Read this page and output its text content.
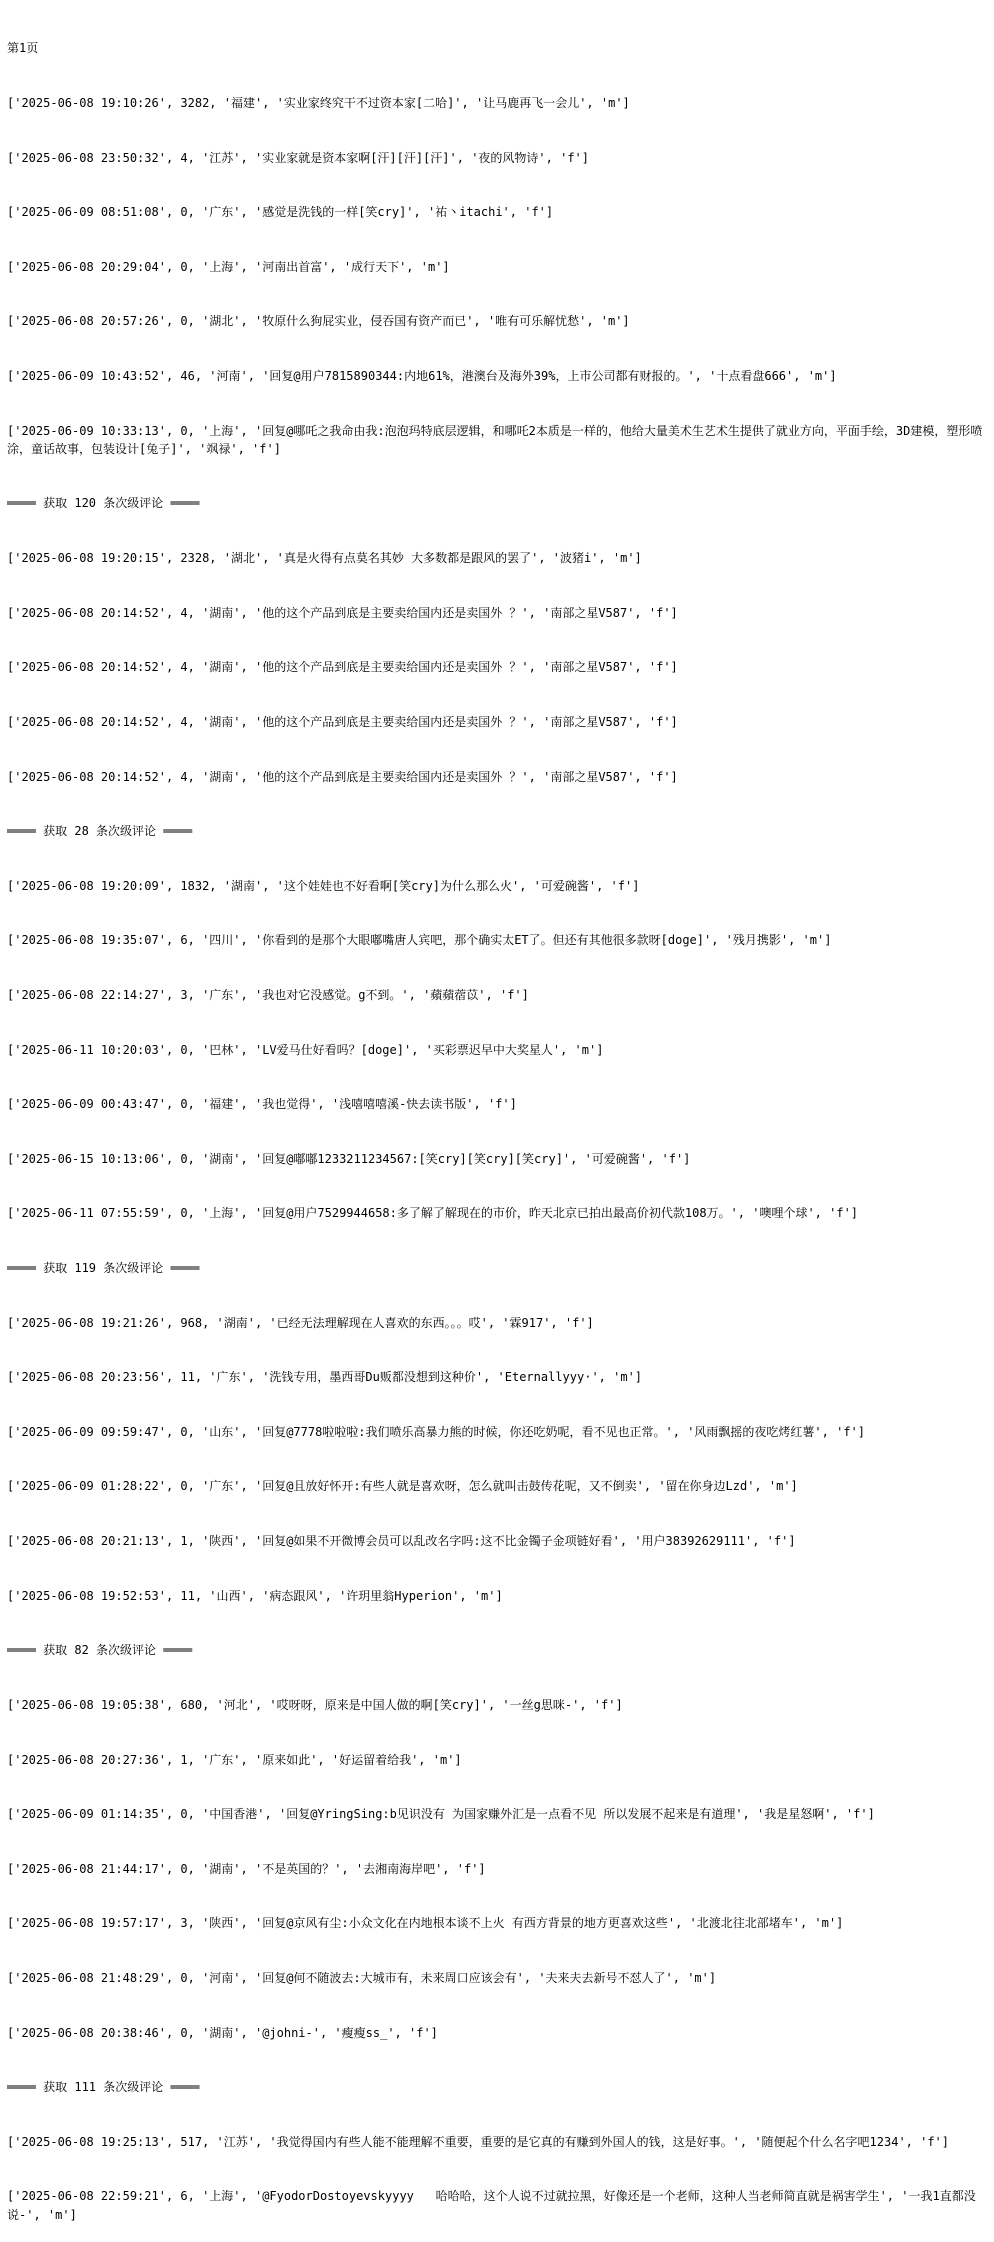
第1页

['2025-06-08 19:10:26', 3282, '福建', '实业家终究干不过资本家[二哈]', '让马鹿再飞一会儿', 'm']

['2025-06-08 23:50:32', 4, '江苏', '实业家就是资本家啊[汗][汗][汗]', '夜的风物诗', 'f']

['2025-06-09 08:51:08', 0, '广东', '感觉是洗钱的一样[笑cry]', '祐丶itachi', 'f']

['2025-06-08 20:29:04', 0, '上海', '河南出首富', '成行天下', 'm']

['2025-06-08 20:57:26', 0, '湖北', '牧原什么狗屁实业，侵吞国有资产而已', '唯有可乐解忧愁', 'm']

['2025-06-09 10:43:52', 46, '河南', '回复@用户7815890344:内地61%，港澳台及海外39%，上市公司都有财报的。', '十点看盘666', 'm']

['2025-06-09 10:33:13', 0, '上海', '回复@哪吒之我命由我:泡泡玛特底层逻辑，和哪吒2本质是一样的，他给大量美术生艺术生提供了就业方向，平面手绘，3D建模，塑形喷涂，童话故事，包装设计[兔子]', '飒禄', 'f']

════ 获取 120 条次级评论 ════

['2025-06-08 19:20:15', 2328, '湖北', '真是火得有点莫名其妙 大多数都是跟风的罢了', '波猪i', 'm']

['2025-06-08 20:14:52', 4, '湖南', '他的这个产品到底是主要卖给国内还是卖国外 ？', '南部之星V587', 'f']

['2025-06-08 20:14:52', 4, '湖南', '他的这个产品到底是主要卖给国内还是卖国外 ？', '南部之星V587', 'f']

['2025-06-08 20:14:52', 4, '湖南', '他的这个产品到底是主要卖给国内还是卖国外 ？', '南部之星V587', 'f']

['2025-06-08 20:14:52', 4, '湖南', '他的这个产品到底是主要卖给国内还是卖国外 ？', '南部之星V587', 'f']

════ 获取 28 条次级评论 ════

['2025-06-08 19:20:09', 1832, '湖南', '这个娃娃也不好看啊[笑cry]为什么那么火', '可爱碗酱', 'f']

['2025-06-08 19:35:07', 6, '四川', '你看到的是那个大眼嘟嘴唐人宾吧，那个确实太ET了。但还有其他很多款呀[doge]', '残月携影', 'm']

['2025-06-08 22:14:27', 3, '广东', '我也对它没感觉。g不到。', '蘋蘋蓿苡', 'f']

['2025-06-11 10:20:03', 0, '巴林', 'LV爱马仕好看吗？[doge]', '买彩票迟早中大奖星人', 'm']

['2025-06-09 00:43:47', 0, '福建', '我也觉得', '浅嘻嘻嘻溪-快去读书版', 'f']

['2025-06-15 10:13:06', 0, '湖南', '回复@嘟嘟1233211234567:[笑cry][笑cry][笑cry]', '可爱碗酱', 'f']

['2025-06-11 07:55:59', 0, '上海', '回复@用户7529944658:多了解了解现在的市价，昨天北京已拍出最高价初代款108万。', '噢哩个球', 'f']

════ 获取 119 条次级评论 ════

['2025-06-08 19:21:26', 968, '湖南', '已经无法理解现在人喜欢的东西。。。哎', '霖917', 'f']

['2025-06-08 20:23:56', 11, '广东', '洗钱专用，墨西哥Du贩都没想到这种价', 'Eternallyyy·', 'm']

['2025-06-09 09:59:47', 0, '山东', '回复@7778啦啦啦:我们喷乐高暴力熊的时候，你还吃奶呢，看不见也正常。', '风雨飘摇的夜吃烤红薯', 'f']

['2025-06-09 01:28:22', 0, '广东', '回复@且放好怀开:有些人就是喜欢呀，怎么就叫击鼓传花呢，又不倒卖', '留在你身边Lzd', 'm']

['2025-06-08 20:21:13', 1, '陕西', '回复@如果不开微博会员可以乱改名字吗:这不比金镯子金项链好看', '用户38392629111', 'f']

['2025-06-08 19:52:53', 11, '山西', '病态跟风', '许玥里翁Hyperion', 'm']

════ 获取 82 条次级评论 ════

['2025-06-08 19:05:38', 680, '河北', '哎呀呀，原来是中国人做的啊[笑cry]', '一丝g思咪-', 'f']

['2025-06-08 20:27:36', 1, '广东', '原来如此', '好运留着给我', 'm']

['2025-06-09 01:14:35', 0, '中国香港', '回复@YringSing:b见识没有 为国家赚外汇是一点看不见 所以发展不起来是有道理', '我是星怒啊', 'f']

['2025-06-08 21:44:17', 0, '湖南', '不是英国的？', '去湘南海岸吧', 'f']

['2025-06-08 19:57:17', 3, '陕西', '回复@京风有尘:小众文化在内地根本谈不上火 有西方背景的地方更喜欢这些', '北渡北往北部堵车', 'm']

['2025-06-08 21:48:29', 0, '河南', '回复@何不随波去:大城市有，未来周口应该会有', '夫来夫去新号不怼人了', 'm']

['2025-06-08 20:38:46', 0, '湖南', '@johni-', '瘦瘦ss_', 'f']

════ 获取 111 条次级评论 ════

['2025-06-08 19:25:13', 517, '江苏', '我觉得国内有些人能不能理解不重要，重要的是它真的有赚到外国人的钱，这是好事。', '随便起个什么名字吧1234', 'f']

['2025-06-08 22:59:21', 6, '上海', '@FyodorDostoyevskyyyy   哈哈哈，这个人说不过就拉黑，好像还是一个老师，这种人当老师简直就是祸害学生', '一我1直都没说-', 'm']
